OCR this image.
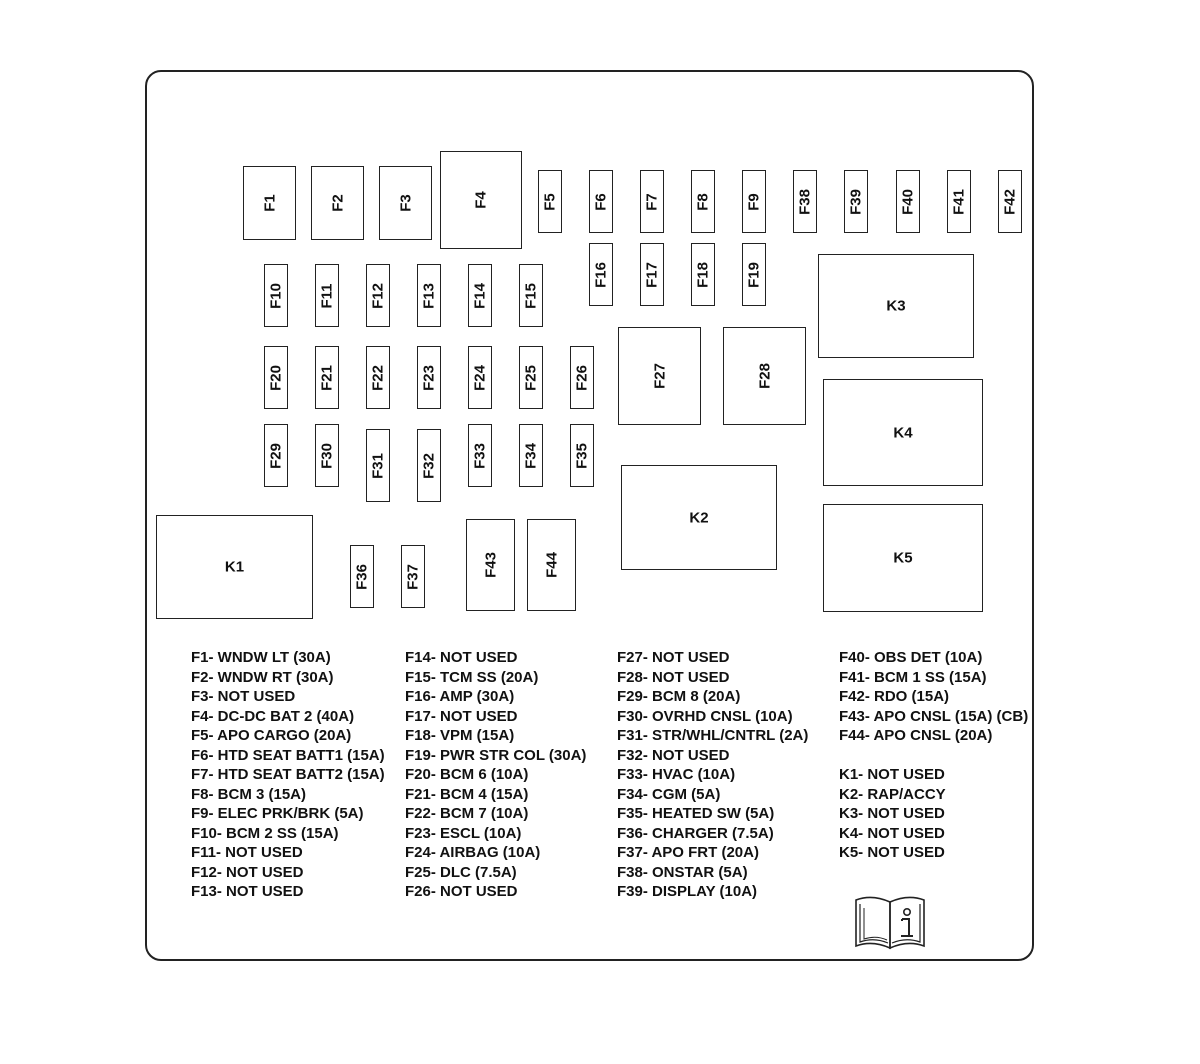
F1	F2	F3	F4	F5 F6 F7 F8 F9 F38 F39 F40 F41 F42
F16 F17 F18 F19
F10 F11 F12 F13 F14 F15
F20 F21 F22 F23 F24 F25 F26
F29 F30 F31 F32 F33 F34 F35
F27	F28
F36 F37	F43	F44
K3
K4
K2
K5
K1
F1- WNDW LT (30A)
F2- WNDW RT (30A)
F3- NOT USED
F4- DC-DC BAT 2 (40A)
F5- APO CARGO (20A)
F6- HTD SEAT BATT1 (15A)
F7- HTD SEAT BATT2 (15A)
F8- BCM 3 (15A)
F9- ELEC PRK/BRK (5A)
F10- BCM 2 SS (15A)
F11- NOT USED
F12- NOT USED
F13- NOT USED
F14- NOT USED
F15- TCM SS (20A)
F16- AMP (30A)
F17- NOT USED
F18- VPM (15A)
F19- PWR STR COL (30A)
F20- BCM 6 (10A)
F21- BCM 4 (15A)
F22- BCM 7 (10A)
F23- ESCL (10A)
F24- AIRBAG (10A)
F25- DLC (7.5A)
F26- NOT USED
F27- NOT USED
F28- NOT USED
F29- BCM 8 (20A)
F30- OVRHD CNSL (10A)
F31- STR/WHL/CNTRL (2A)
F32- NOT USED
F33- HVAC (10A)
F34- CGM (5A)
F35- HEATED SW (5A)
F36- CHARGER (7.5A)
F37- APO FRT (20A)
F38- ONSTAR (5A)
F39- DISPLAY (10A)
F40- OBS DET (10A)
F41- BCM 1 SS (15A)
F42- RDO (15A)
F43- APO CNSL (15A) (CB)
F44- APO CNSL (20A)
K1- NOT USED
K2- RAP/ACCY
K3- NOT USED
K4- NOT USED
K5- NOT USED
